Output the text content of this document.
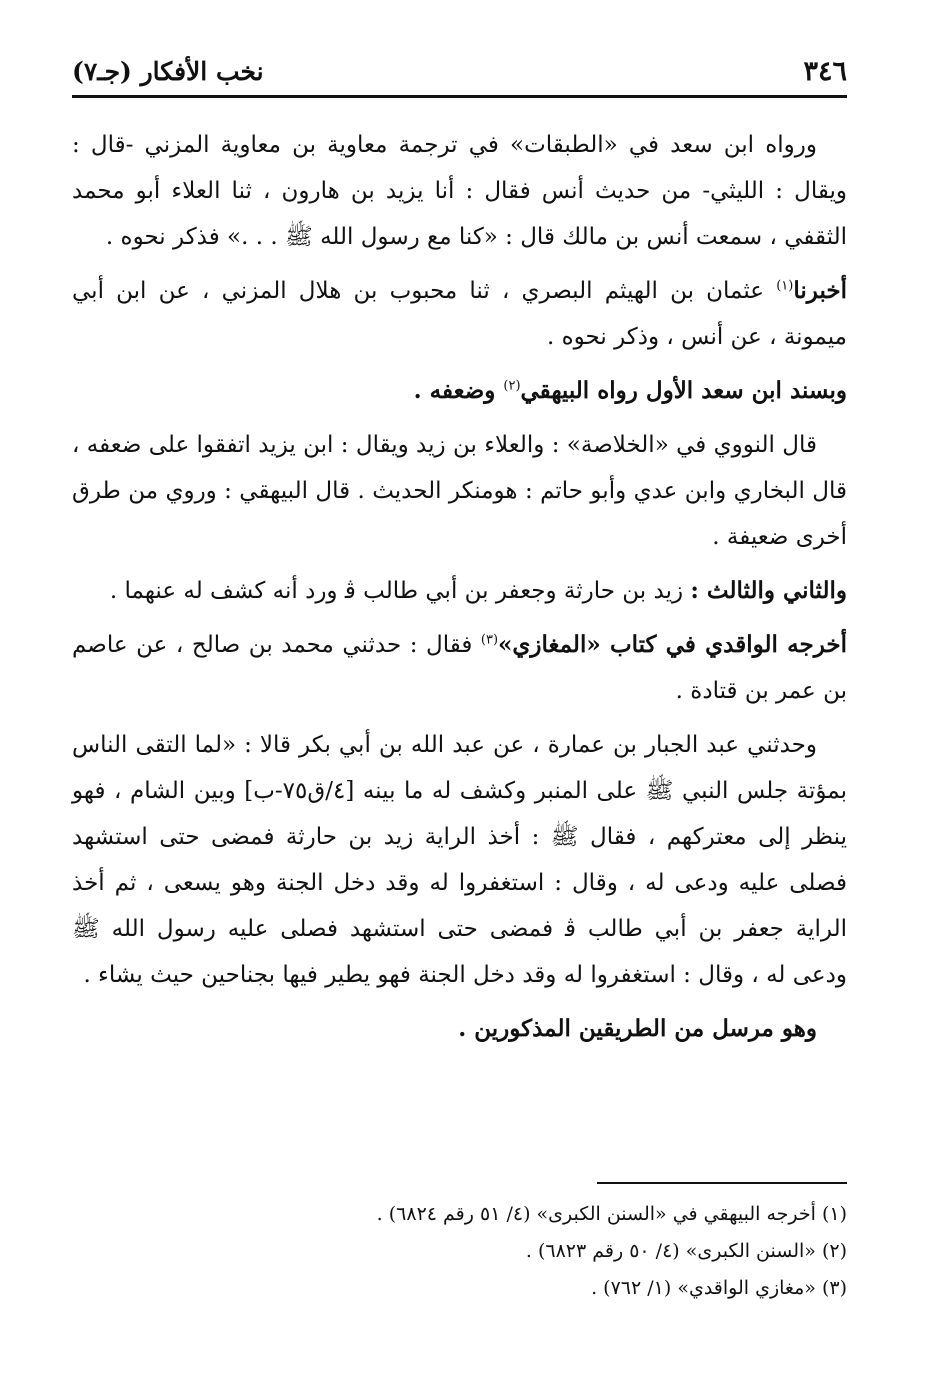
نخب الأفكار (جـ٧)	٣٤٦

ورواه ابن سعد في «الطبقات» في ترجمة معاوية بن معاوية المزني -قال : ويقال : الليثي- من حديث أنس فقال : أنا يزيد بن هارون ، ثنا العلاء أبو محمد الثقفي ، سمعت أنس بن مالك قال : «كنا مع رسول الله ﷺ . . .» فذكر نحوه .

أخبرنا$^{(١)}$ عثمان بن الهيثم البصري ، ثنا محبوب بن هلال المزني ، عن ابن أبي ميمونة ، عن أنس ، وذكر نحوه .

وبسند ابن سعد الأول رواه البيهقي$^{(٢)}$ وضعفه .

قال النووي في «الخلاصة» : والعلاء بن زيد ويقال : ابن يزيد اتفقوا على ضعفه ، قال البخاري وابن عدي وأبو حاتم : هومنكر الحديث . قال البيهقي : وروي من طرق أخرى ضعيفة .

والثاني والثالث : زيد بن حارثة وجعفر بن أبي طالب ﭬ ورد أنه كشف له عنهما .

أخرجه الواقدي في كتاب «المغازي»$^{(٣)}$ فقال : حدثني محمد بن صالح ، عن عاصم بن عمر بن قتادة .

وحدثني عبد الجبار بن عمارة ، عن عبد الله بن أبي بكر قالا : «لما التقى الناس بمؤتة جلس النبي ﷺ على المنبر وكشف له ما بينه [٤/ق٧٥-ب] وبين الشام ، فهو ينظر إلى معتركهم ، فقال ﷺ : أخذ الراية زيد بن حارثة فمضى حتى استشهد فصلى عليه ودعى له ، وقال : استغفروا له وقد دخل الجنة وهو يسعى ، ثم أخذ الراية جعفر بن أبي طالب ﭬ فمضى حتى استشهد فصلى عليه رسول الله ﷺ ودعى له ، وقال : استغفروا له وقد دخل الجنة فهو يطير فيها بجناحين حيث يشاء .

وهو مرسل من الطريقين المذكورين .

(١) أخرجه البيهقي في «السنن الكبرى» (٤/ ٥١ رقم ٦٨٢٤) .

(٢) «السنن الكبرى» (٤/ ٥٠ رقم ٦٨٢٣) .

(٣) «مغازي الواقدي» (١/ ٧٦٢) .
